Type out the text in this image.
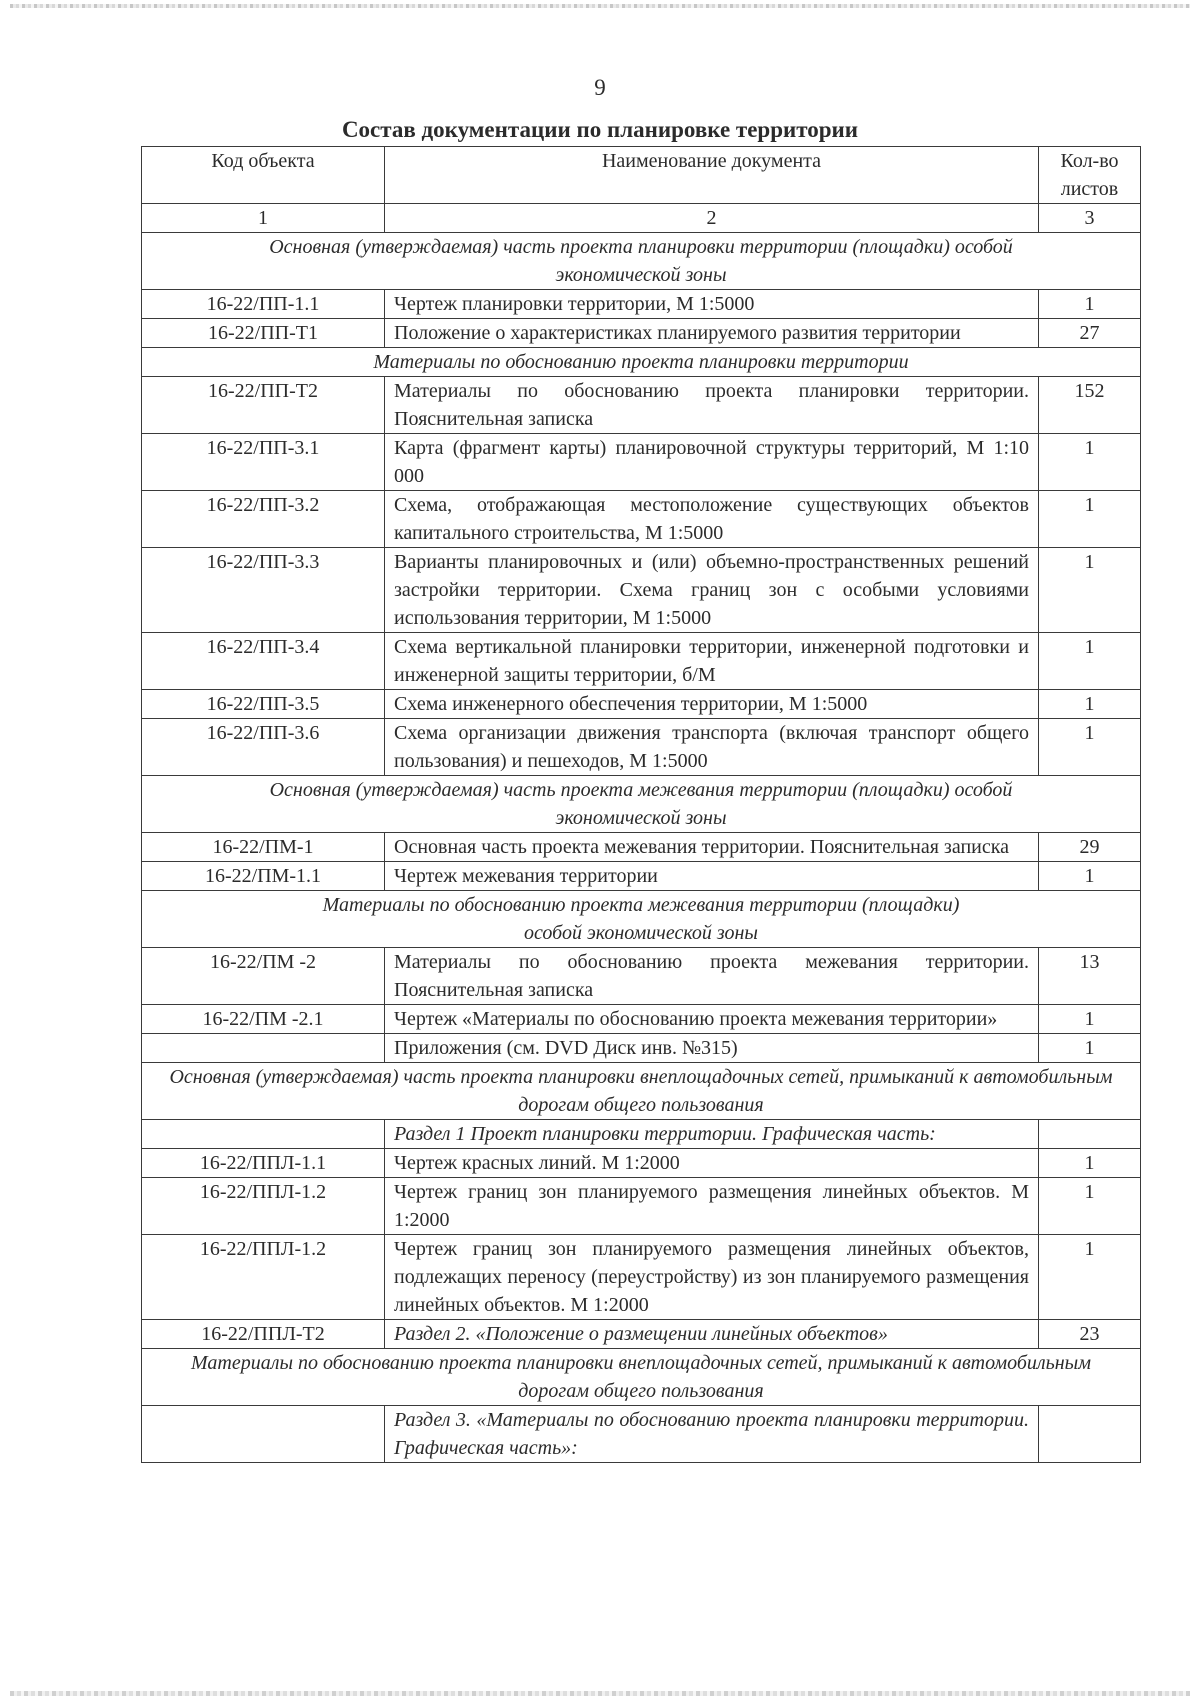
9
Состав документации по планировке территории
Код объекта	Наименование документа	Кол-во листов
1	2	3
Основная (утверждаемая) часть проекта планировки территории (площадки) особой экономической зоны		
16-22/ПП-1.1	Чертеж планировки территории, М 1:5000	1
16-22/ПП-Т1	Положение о характеристиках планируемого развития территории	27
Материалы по обоснованию проекта планировки территории		
16-22/ПП-Т2	Материалы по обоснованию проекта планировки территории. Пояснительная записка	152
16-22/ПП-3.1	Карта (фрагмент карты) планировочной структуры территорий, М 1:10 000	1
16-22/ПП-3.2	Схема, отображающая местоположение существующих объектов капитального строительства, М 1:5000	1
16-22/ПП-3.3	Варианты планировочных и (или) объемно-пространственных решений застройки территории. Схема границ зон с особыми условиями использования территории, М 1:5000	1
16-22/ПП-3.4	Схема вертикальной планировки территории, инженерной подготовки и инженерной защиты территории, б/М	1
16-22/ПП-3.5	Схема инженерного обеспечения территории, М 1:5000	1
16-22/ПП-3.6	Схема организации движения транспорта (включая транспорт общего пользования) и пешеходов, М 1:5000	1
Основная (утверждаемая) часть проекта межевания территории (площадки) особой экономической зоны		
16-22/ПМ-1	Основная часть проекта межевания территории. Пояснительная записка	29
16-22/ПМ-1.1	Чертеж межевания территории	1
Материалы по обоснованию проекта межевания территории (площадки) особой экономической зоны		
16-22/ПМ -2	Материалы по обоснованию проекта межевания территории. Пояснительная записка	13
16-22/ПМ -2.1	Чертеж «Материалы по обоснованию проекта межевания территории»	1
	Приложения (см. DVD Диск инв. №315)	1
Основная (утверждаемая) часть проекта планировки внеплощадочных сетей, примыканий к автомобильным дорогам общего пользования		
	Раздел 1 Проект планировки территории. Графическая часть:	
16-22/ППЛ-1.1	Чертеж красных линий. М 1:2000	1
16-22/ППЛ-1.2	Чертеж границ зон планируемого размещения линейных объектов. М 1:2000	1
16-22/ППЛ-1.2	Чертеж границ зон планируемого размещения линейных объектов, подлежащих переносу (переустройству) из зон планируемого размещения линейных объектов. М 1:2000	1
16-22/ППЛ-Т2	Раздел 2. «Положение о размещении линейных объектов»	23
Материалы по обоснованию проекта планировки внеплощадочных сетей, примыканий к автомобильным дорогам общего пользования		
	Раздел 3. «Материалы по обоснованию проекта планировки территории. Графическая часть»:	
